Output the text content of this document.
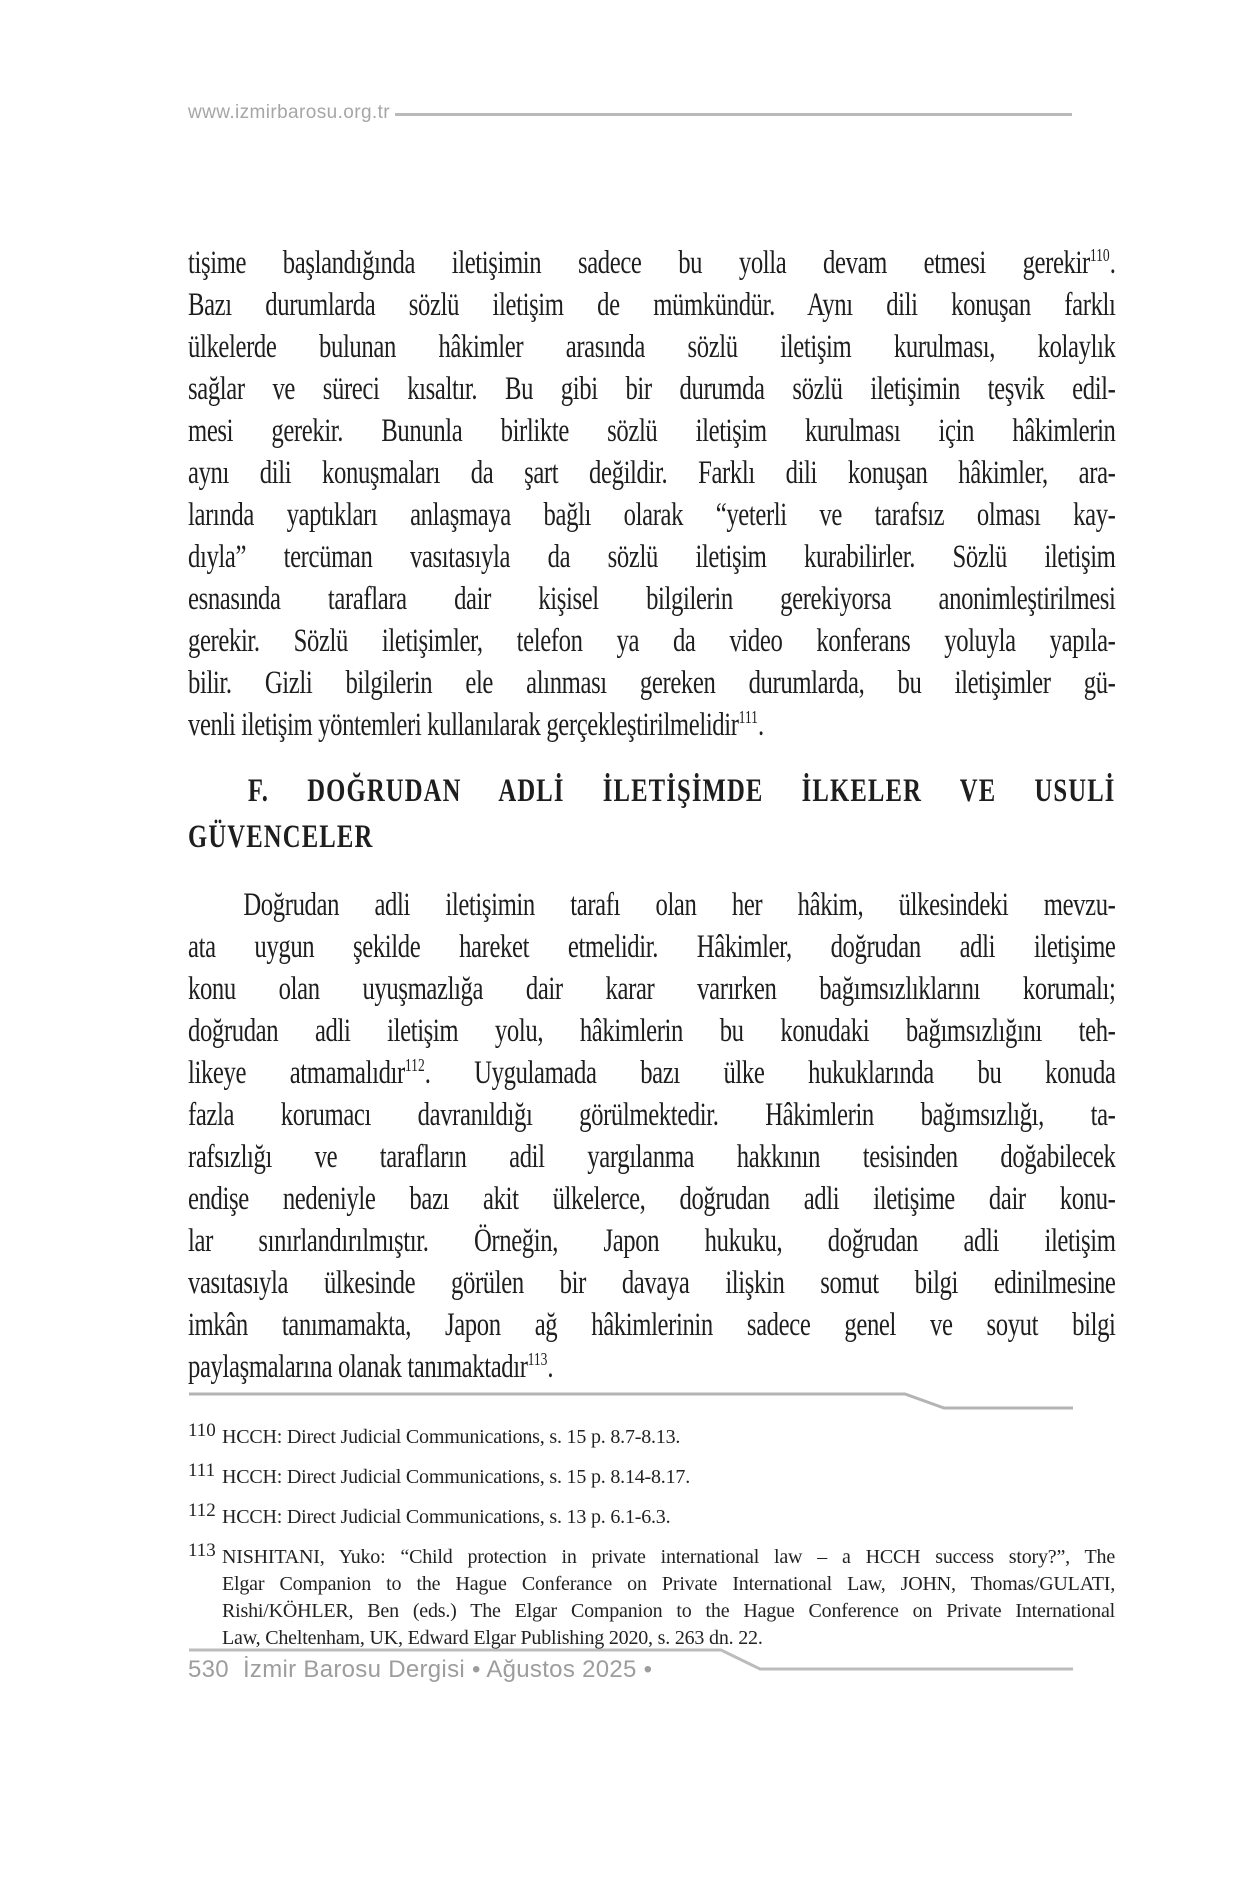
www.izmirbarosu.org.tr
tişime başlandığında iletişimin sadece bu yolla devam etmesi gerekir$^{110}$.
Bazı durumlarda sözlü iletişim de mümkündür. Aynı dili konuşan farklı
ülkelerde bulunan hâkimler arasında sözlü iletişim kurulması, kolaylık
sağlar ve süreci kısaltır. Bu gibi bir durumda sözlü iletişimin teşvik edil-
mesi gerekir. Bununla birlikte sözlü iletişim kurulması için hâkimlerin
aynı dili konuşmaları da şart değildir. Farklı dili konuşan hâkimler, ara-
larında yaptıkları anlaşmaya bağlı olarak “yeterli ve tarafsız olması kay-
dıyla” tercüman vasıtasıyla da sözlü iletişim kurabilirler. Sözlü iletişim
esnasında taraflara dair kişisel bilgilerin gerekiyorsa anonimleştirilmesi
gerekir. Sözlü iletişimler, telefon ya da video konferans yoluyla yapıla-
bilir. Gizli bilgilerin ele alınması gereken durumlarda, bu iletişimler gü-
venli iletişim yöntemleri kullanılarak gerçekleştirilmelidir$^{111}$.
F. DOĞRUDAN ADLİ İLETİŞİMDE İLKELER VE USULİ
GÜVENCELER
Doğrudan adli iletişimin tarafı olan her hâkim, ülkesindeki mevzu-
ata uygun şekilde hareket etmelidir. Hâkimler, doğrudan adli iletişime
konu olan uyuşmazlığa dair karar varırken bağımsızlıklarını korumalı;
doğrudan adli iletişim yolu, hâkimlerin bu konudaki bağımsızlığını teh-
likeye atmamalıdır$^{112}$. Uygulamada bazı ülke hukuklarında bu konuda
fazla korumacı davranıldığı görülmektedir. Hâkimlerin bağımsızlığı, ta-
rafsızlığı ve tarafların adil yargılanma hakkının tesisinden doğabilecek
endişe nedeniyle bazı akit ülkelerce, doğrudan adli iletişime dair konu-
lar sınırlandırılmıştır. Örneğin, Japon hukuku, doğrudan adli iletişim
vasıtasıyla ülkesinde görülen bir davaya ilişkin somut bilgi edinilmesine
imkân tanımamakta, Japon ağ hâkimlerinin sadece genel ve soyut bilgi
paylaşmalarına olanak tanımaktadır$^{113}$.
110 HCCH: Direct Judicial Communications, s. 15 p. 8.7-8.13.
111 HCCH: Direct Judicial Communications, s. 15 p. 8.14-8.17.
112 HCCH: Direct Judicial Communications, s. 13 p. 6.1-6.3.
113 NISHITANI, Yuko: “Child protection in private international law – a HCCH success story?”, The
Elgar Companion to the Hague Conferance on Private International Law, JOHN, Thomas/GULATI,
Rishi/KÖHLER, Ben (eds.) The Elgar Companion to the Hague Conference on Private International
Law, Cheltenham, UK, Edward Elgar Publishing 2020, s. 263 dn. 22.
530 İzmir Barosu Dergisi • Ağustos 2025 •
